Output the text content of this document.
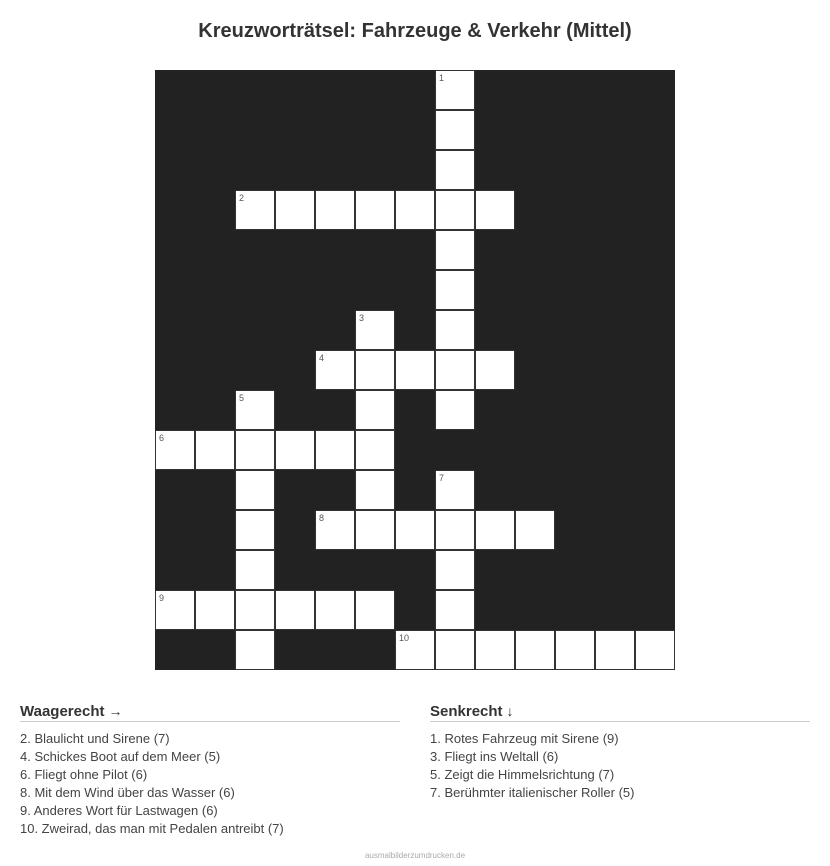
Kreuzworträtsel: Fahrzeuge & Verkehr (Mittel)
1
2
3
4
5
6
7
8
9
10
Waagerecht →
2. Blaulicht und Sirene (7)
4. Schickes Boot auf dem Meer (5)
6. Fliegt ohne Pilot (6)
8. Mit dem Wind über das Wasser (6)
9. Anderes Wort für Lastwagen (6)
10. Zweirad, das man mit Pedalen antreibt (7)
Senkrecht ↓
1. Rotes Fahrzeug mit Sirene (9)
3. Fliegt ins Weltall (6)
5. Zeigt die Himmelsrichtung (7)
7. Berühmter italienischer Roller (5)
ausmalbilderzumdrucken.de
